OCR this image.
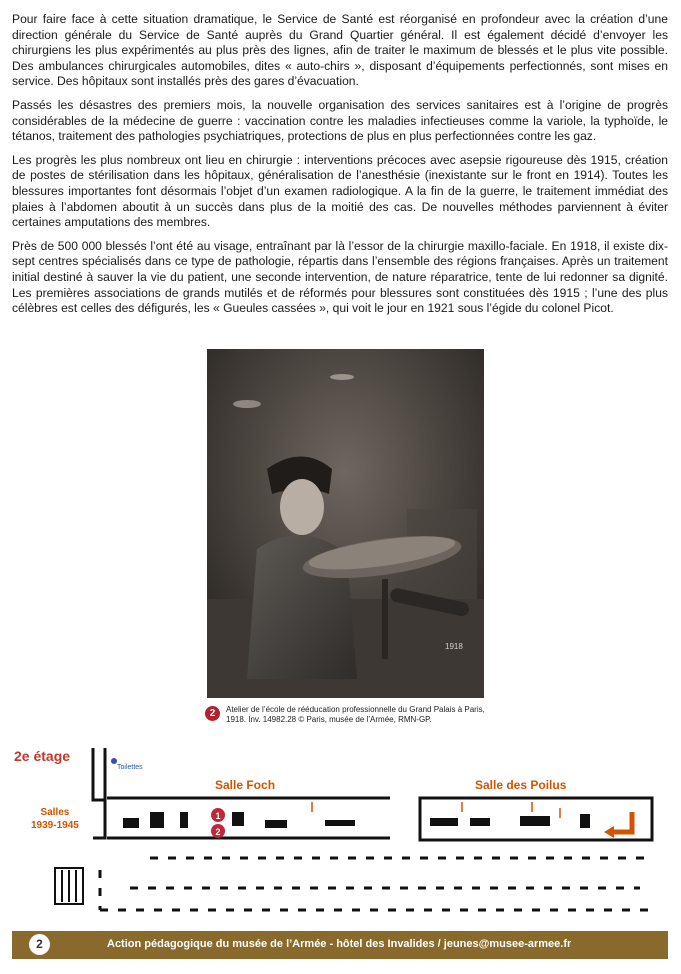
Pour faire face à cette situation dramatique, le Service de Santé est réorganisé en profondeur avec la création d’une direction générale du Service de Santé auprès du Grand Quartier général. Il est également décidé d’envoyer les chirurgiens les plus expérimentés au plus près des lignes, afin de traiter le maximum de blessés et le plus vite possible. Des ambulances chirurgicales automobiles, dites « auto-chirs », disposant d’équipements perfectionnés, sont mises en service. Des hôpitaux sont installés près des gares d’évacuation.

Passés les désastres des premiers mois, la nouvelle organisation des services sanitaires est à l’origine de progrès considérables de la médecine de guerre : vaccination contre les maladies infectieuses comme la variole, la typhoïde, le tétanos, traitement des pathologies psychiatriques, protections de plus en plus perfectionnées contre les gaz.

Les progrès les plus nombreux ont lieu en chirurgie : interventions précoces avec asepsie rigoureuse dès 1915, création de postes de stérilisation dans les hôpitaux, généralisation de l’anesthésie (inexistante sur le front en 1914). Toutes les blessures importantes font désormais l’objet d’un examen radiologique. A la fin de la guerre, le traitement immédiat des plaies à l’abdomen aboutit à un succès dans plus de la moitié des cas. De nouvelles méthodes parviennent à éviter certaines amputations des membres.

Près de 500 000 blessés l’ont été au visage, entraînant par là l’essor de la chirurgie maxillo-faciale. En 1918, il existe dix-sept centres spécialisés dans ce type de pathologie, répartis dans l’ensemble des régions françaises. Après un traitement initial destiné à sauver la vie du patient, une seconde intervention, de nature réparatrice, tente de lui redonner sa dignité. Les premières associations de grands mutilés et de réformés pour blessures sont constituées dès 1915 ; l’une des plus célèbres est celles des défigurés, les « Gueules cassées », qui voit le jour en 1921 sous l’égide du colonel Picot.

1918
2	Atelier de l’école de rééducation professionnelle du Grand Palais à Paris, 1918. Inv. 14982.28 © Paris, musée de l’Armée, RMN-GP.
2e étage
Toilettes
Salle Foch	Salle des Poilus
Salles
1939-1945
1
2
2	Action pédagogique du musée de l’Armée - hôtel des Invalides / jeunes@musee-armee.fr
